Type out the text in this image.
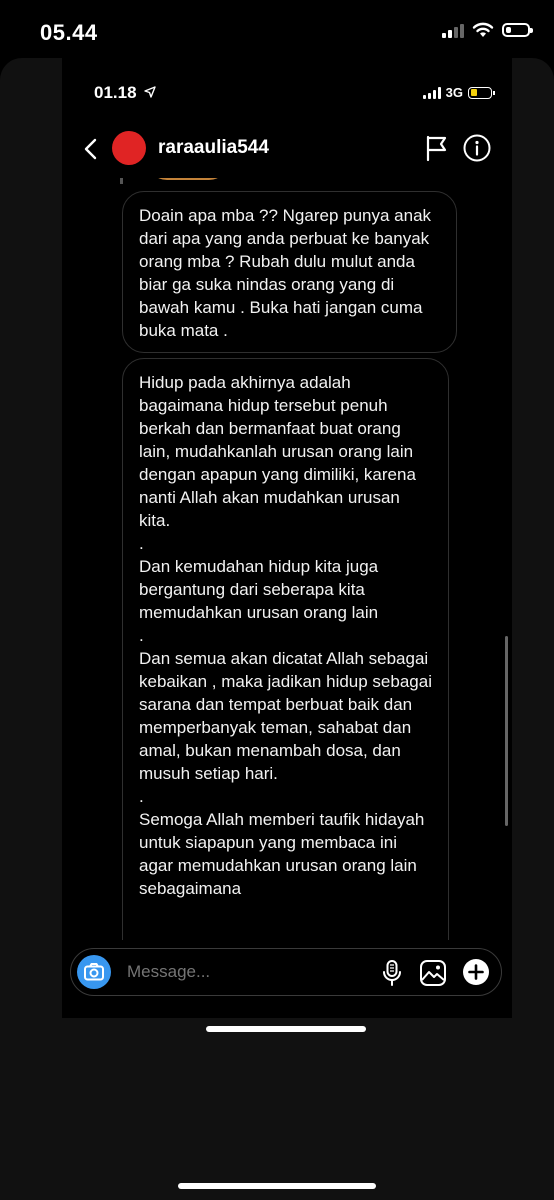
05.44
01.18	3G
raraaulia544

Doain apa mba ?? Ngarep punya anak dari apa yang anda perbuat ke banyak orang mba ? Rubah dulu mulut anda biar ga suka nindas orang yang di bawah kamu . Buka hati jangan cuma buka mata .

Hidup pada akhirnya adalah bagaimana hidup tersebut penuh berkah dan bermanfaat buat orang lain, mudahkanlah urusan orang lain dengan apapun yang dimiliki, karena nanti Allah akan mudahkan urusan kita.
.
Dan kemudahan hidup kita juga bergantung dari seberapa kita memudahkan urusan orang lain
.
Dan semua akan dicatat Allah sebagai kebaikan , maka jadikan hidup sebagai sarana dan tempat berbuat baik dan memperbanyak teman, sahabat dan amal, bukan menambah dosa, dan musuh setiap hari.
.
Semoga Allah memberi taufik hidayah untuk siapapun yang membaca ini agar memudahkan urusan orang lain sebagaimana

Message...
